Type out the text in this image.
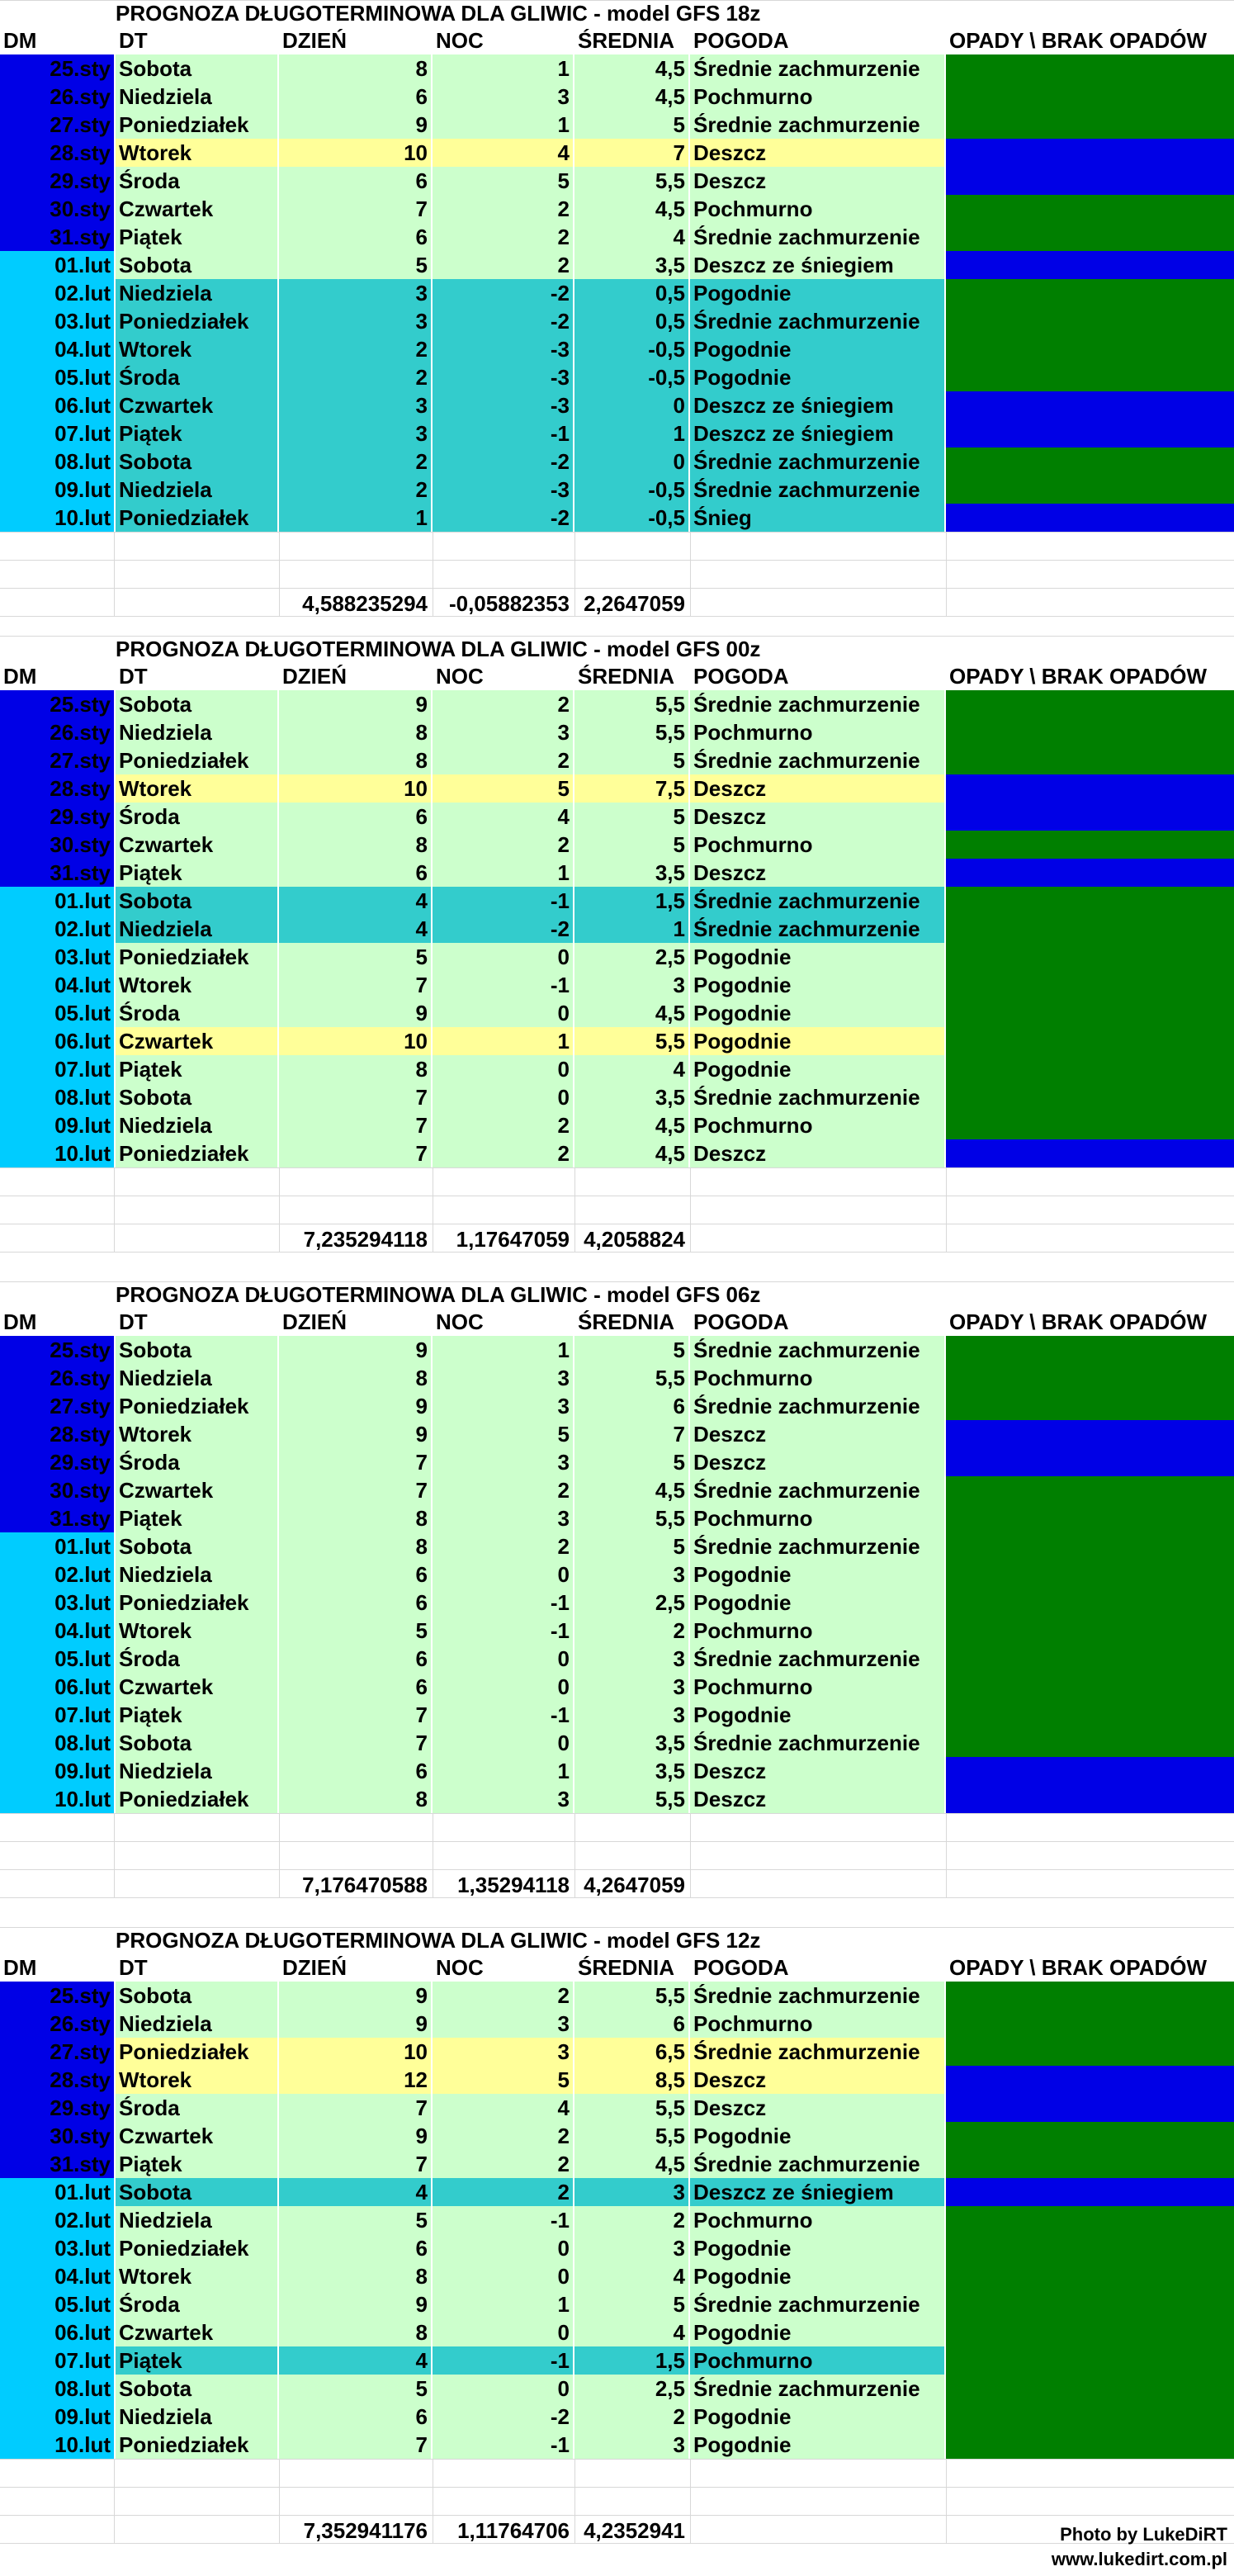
PROGNOZA DŁUGOTERMINOWA DLA GLIWIC - model GFS 18z
DM	DT	DZIEŃ	NOC	ŚREDNIA POGODA	OPADY \ BRAK OPADÓW
25.sty Sobota	8	1	4,5 Średnie zachmurzenie
26.sty Niedziela	6	3	4,5 Pochmurno
27.sty Poniedziałek	9	1	5 Średnie zachmurzenie
28.sty Wtorek	10	4	7 Deszcz
29.sty Środa	6	5	5,5 Deszcz
30.sty Czwartek	7	2	4,5 Pochmurno
31.sty Piątek	6	2	4 Średnie zachmurzenie
01.lut Sobota	5	2	3,5 Deszcz ze śniegiem
02.lut Niedziela	3	-2	0,5 Pogodnie
03.lut Poniedziałek	3	-2	0,5 Średnie zachmurzenie
04.lut Wtorek	2	-3	-0,5 Pogodnie
05.lut Środa	2	-3	-0,5 Pogodnie
06.lut Czwartek	3	-3	0 Deszcz ze śniegiem
07.lut Piątek	3	-1	1 Deszcz ze śniegiem
08.lut Sobota	2	-2	0 Średnie zachmurzenie
09.lut Niedziela	2	-3	-0,5 Średnie zachmurzenie
10.lut Poniedziałek	1	-2	-0,5 Śnieg
4,588235294 -0,05882353 2,2647059
PROGNOZA DŁUGOTERMINOWA DLA GLIWIC - model GFS 00z
DM	DT	DZIEŃ	NOC	ŚREDNIA POGODA	OPADY \ BRAK OPADÓW
25.sty Sobota	9	2	5,5 Średnie zachmurzenie
26.sty Niedziela	8	3	5,5 Pochmurno
27.sty Poniedziałek	8	2	5 Średnie zachmurzenie
28.sty Wtorek	10	5	7,5 Deszcz
29.sty Środa	6	4	5 Deszcz
30.sty Czwartek	8	2	5 Pochmurno
31.sty Piątek	6	1	3,5 Deszcz
01.lut Sobota	4	-1	1,5 Średnie zachmurzenie
02.lut Niedziela	4	-2	1 Średnie zachmurzenie
03.lut Poniedziałek	5	0	2,5 Pogodnie
04.lut Wtorek	7	-1	3 Pogodnie
05.lut Środa	9	0	4,5 Pogodnie
06.lut Czwartek	10	1	5,5 Pogodnie
07.lut Piątek	8	0	4 Pogodnie
08.lut Sobota	7	0	3,5 Średnie zachmurzenie
09.lut Niedziela	7	2	4,5 Pochmurno
10.lut Poniedziałek	7	2	4,5 Deszcz
7,235294118	1,17647059 4,2058824
PROGNOZA DŁUGOTERMINOWA DLA GLIWIC - model GFS 06z
DM	DT	DZIEŃ	NOC	ŚREDNIA POGODA	OPADY \ BRAK OPADÓW
25.sty Sobota	9	1	5 Średnie zachmurzenie
26.sty Niedziela	8	3	5,5 Pochmurno
27.sty Poniedziałek	9	3	6 Średnie zachmurzenie
28.sty Wtorek	9	5	7 Deszcz
29.sty Środa	7	3	5 Deszcz
30.sty Czwartek	7	2	4,5 Średnie zachmurzenie
31.sty Piątek	8	3	5,5 Pochmurno
01.lut Sobota	8	2	5 Średnie zachmurzenie
02.lut Niedziela	6	0	3 Pogodnie
03.lut Poniedziałek	6	-1	2,5 Pogodnie
04.lut Wtorek	5	-1	2 Pochmurno
05.lut Środa	6	0	3 Średnie zachmurzenie
06.lut Czwartek	6	0	3 Pochmurno
07.lut Piątek	7	-1	3 Pogodnie
08.lut Sobota	7	0	3,5 Średnie zachmurzenie
09.lut Niedziela	6	1	3,5 Deszcz
10.lut Poniedziałek	8	3	5,5 Deszcz
7,176470588	1,35294118 4,2647059
PROGNOZA DŁUGOTERMINOWA DLA GLIWIC - model GFS 12z
DM	DT	DZIEŃ	NOC	ŚREDNIA POGODA	OPADY \ BRAK OPADÓW
25.sty Sobota	9	2	5,5 Średnie zachmurzenie
26.sty Niedziela	9	3	6 Pochmurno
27.sty Poniedziałek	10	3	6,5 Średnie zachmurzenie
28.sty Wtorek	12	5	8,5 Deszcz
29.sty Środa	7	4	5,5 Deszcz
30.sty Czwartek	9	2	5,5 Pogodnie
31.sty Piątek	7	2	4,5 Średnie zachmurzenie
01.lut Sobota	4	2	3 Deszcz ze śniegiem
02.lut Niedziela	5	-1	2 Pochmurno
03.lut Poniedziałek	6	0	3 Pogodnie
04.lut Wtorek	8	0	4 Pogodnie
05.lut Środa	9	1	5 Średnie zachmurzenie
06.lut Czwartek	8	0	4 Pogodnie
07.lut Piątek	4	-1	1,5 Pochmurno
08.lut Sobota	5	0	2,5 Średnie zachmurzenie
09.lut Niedziela	6	-2	2 Pogodnie
10.lut Poniedziałek	7	-1	3 Pogodnie
7,352941176	1,11764706 4,2352941	Photo by LukeDiRT
www.lukedirt.com.pl
